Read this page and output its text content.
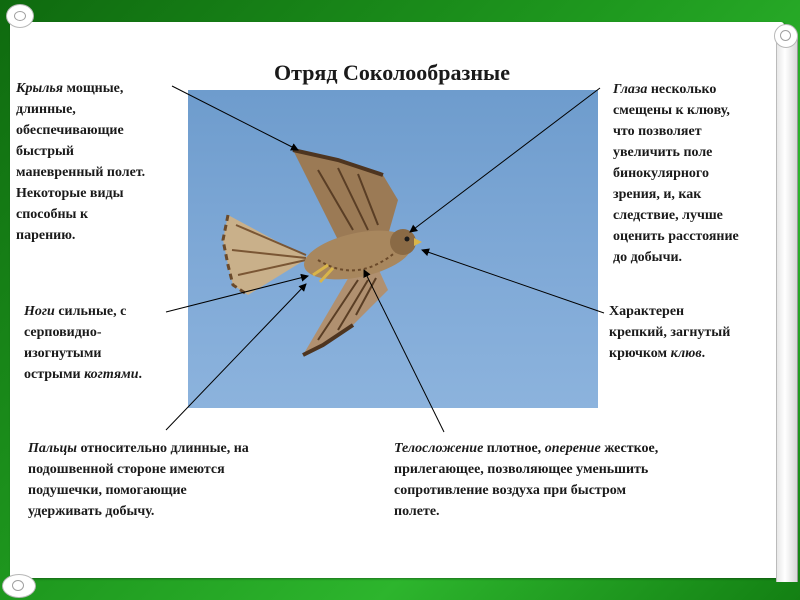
Отряд Соколообразные
Крылья мощные,
длинные,
обеспечивающие
быстрый
маневренный полет.
Некоторые виды
способны к
парению.
Ноги сильные, с
серповидно-
изогнутыми
острыми когтями.
Пальцы относительно длинные, на
подошвенной стороне имеются
подушечки, помогающие
удерживать добычу.
Глаза несколько
смещены к клюву,
что позволяет
увеличить поле
бинокулярного
зрения, и, как
следствие, лучше
оценить расстояние
до добычи.
Характерен
крепкий, загнутый
крючком клюв.
Телосложение плотное, оперение жесткое,
прилегающее, позволяющее уменьшить
сопротивление воздуха при быстром
полете.
